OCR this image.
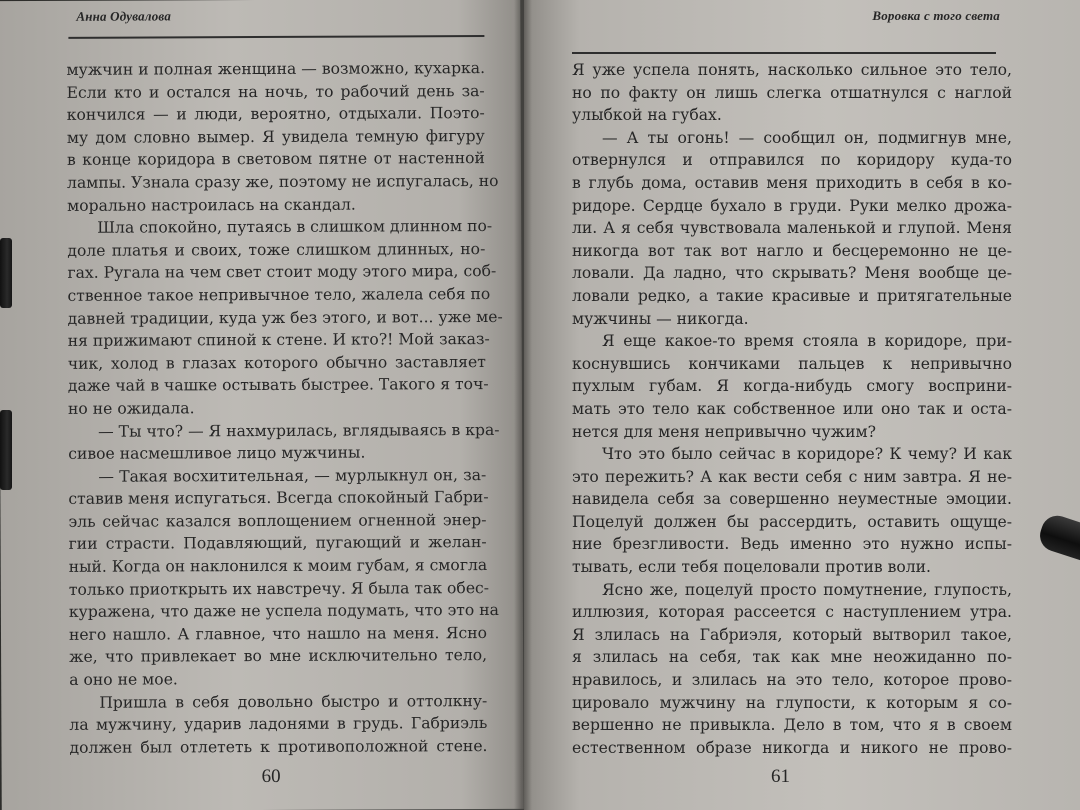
Анна Одувалова
мужчин и полная женщина — возможно, кухарка.
Если кто и остался на ночь, то рабочий день за-
кончился — и люди, вероятно, отдыхали. Поэто-
му дом словно вымер. Я увидела темную фигуру
в конце коридора в световом пятне от настенной
лампы. Узнала сразу же, поэтому не испугалась, но
морально настроилась на скандал.
Шла спокойно, путаясь в слишком длинном по-
доле платья и своих, тоже слишком длинных, но-
гах. Ругала на чем свет стоит моду этого мира, соб-
ственное такое непривычное тело, жалела себя по
давней традиции, куда уж без этого, и вот... уже ме-
ня прижимают спиной к стене. И кто?! Мой заказ-
чик, холод в глазах которого обычно заставляет
даже чай в чашке остывать быстрее. Такого я точ-
но не ожидала.
— Ты что? — Я нахмурилась, вглядываясь в кра-
сивое насмешливое лицо мужчины.
— Такая восхитительная, — мурлыкнул он, за-
ставив меня испугаться. Всегда спокойный Габри-
эль сейчас казался воплощением огненной энер-
гии страсти. Подавляющий, пугающий и желан-
ный. Когда он наклонился к моим губам, я смогла
только приоткрыть их навстречу. Я была так обес-
куражена, что даже не успела подумать, что это на
него нашло. А главное, что нашло на меня. Ясно
же, что привлекает во мне исключительно тело,
а оно не мое.
Пришла в себя довольно быстро и оттолкну-
ла мужчину, ударив ладонями в грудь. Габриэль
должен был отлететь к противоположной стене.
60
Воровка с того света
Я уже успела понять, насколько сильное это тело,
но по факту он лишь слегка отшатнулся с наглой
улыбкой на губах.
— А ты огонь! — сообщил он, подмигнув мне,
отвернулся и отправился по коридору куда-то
в глубь дома, оставив меня приходить в себя в ко-
ридоре. Сердце бухало в груди. Руки мелко дрожа-
ли. А я себя чувствовала маленькой и глупой. Меня
никогда вот так вот нагло и бесцеремонно не це-
ловали. Да ладно, что скрывать? Меня вообще це-
ловали редко, а такие красивые и притягательные
мужчины — никогда.
Я еще какое-то время стояла в коридоре, при-
коснувшись кончиками пальцев к непривычно
пухлым губам. Я когда-нибудь смогу восприни-
мать это тело как собственное или оно так и оста-
нется для меня непривычно чужим?
Что это было сейчас в коридоре? К чему? И как
это пережить? А как вести себя с ним завтра. Я не-
навидела себя за совершенно неуместные эмоции.
Поцелуй должен бы рассердить, оставить ощуще-
ние брезгливости. Ведь именно это нужно испы-
тывать, если тебя поцеловали против воли.
Ясно же, поцелуй просто помутнение, глупость,
иллюзия, которая рассеется с наступлением утра.
Я злилась на Габриэля, который вытворил такое,
я злилась на себя, так как мне неожиданно по-
нравилось, и злилась на это тело, которое прово-
цировало мужчину на глупости, к которым я со-
вершенно не привыкла. Дело в том, что я в своем
естественном образе никогда и никого не прово-
61
